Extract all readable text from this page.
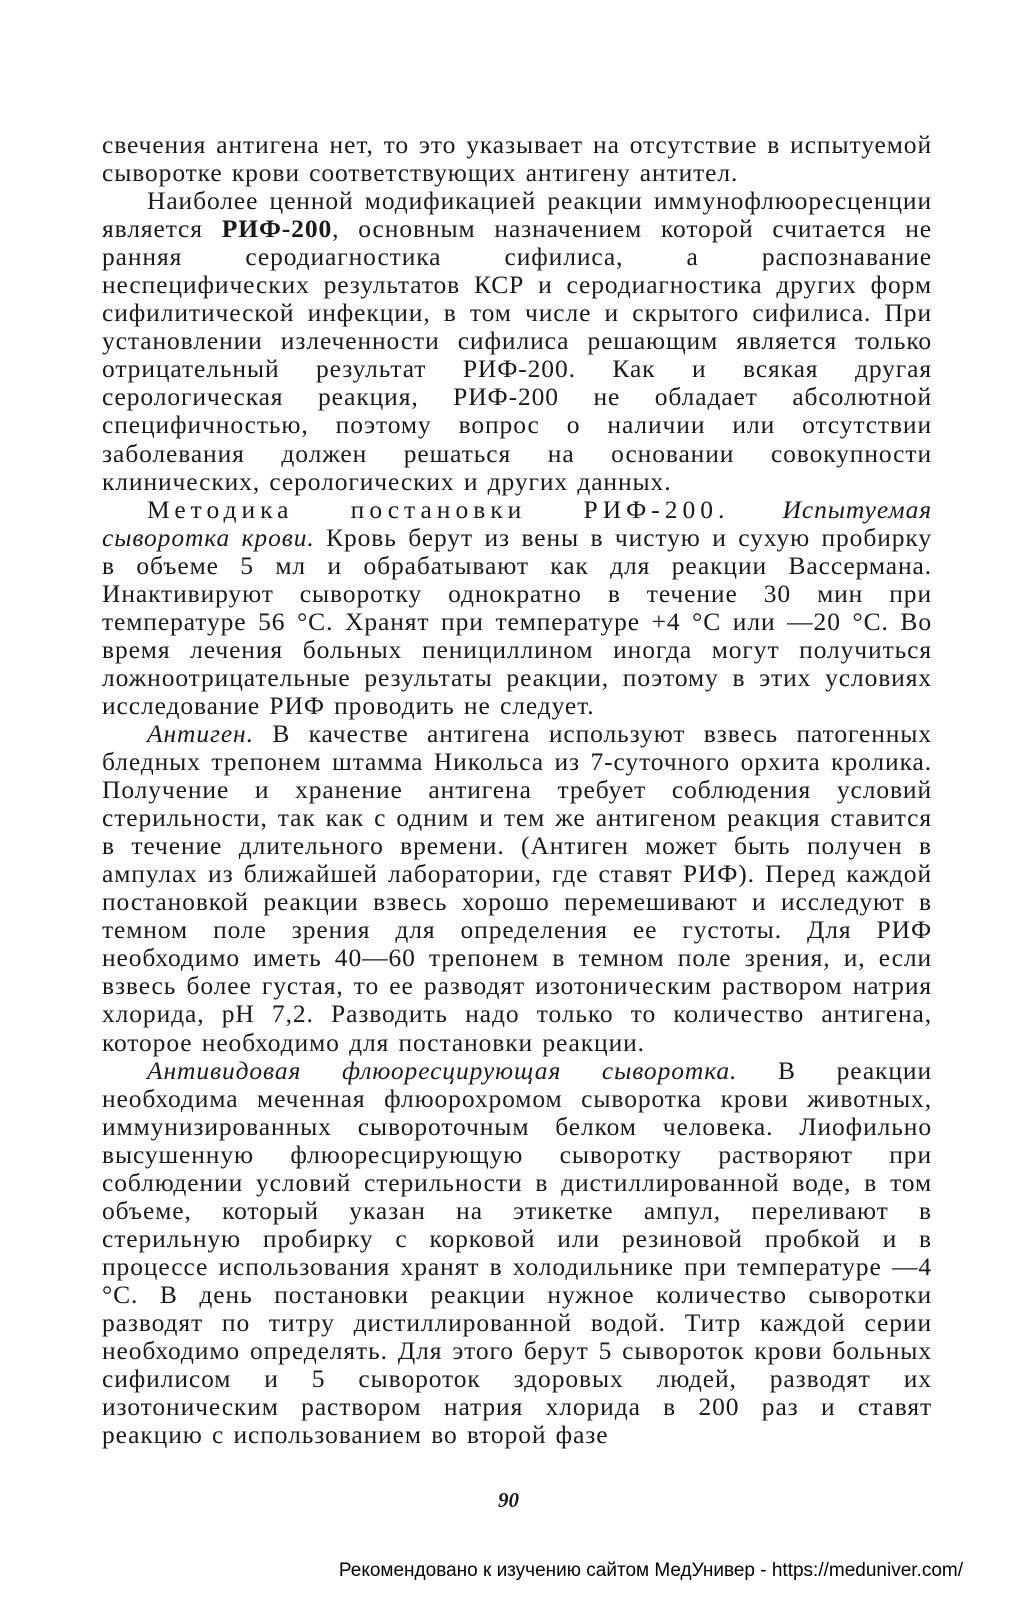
свечения антигена нет, то это указывает на отсутствие в испытуемой сыворотке крови соответствующих антигену антител.

Наиболее ценной модификацией реакции иммунофлюоресценции является РИФ-200, основным назначением которой считается не ранняя серодиагностика сифилиса, а распознавание неспецифических результатов КСР и серодиагностика других форм сифилитической инфекции, в том числе и скрытого сифилиса. При установлении излеченности сифилиса решающим является только отрицательный результат РИФ-200. Как и всякая другая серологическая реакция, РИФ-200 не обладает абсолютной специфичностью, поэтому вопрос о наличии или отсутствии заболевания должен решаться на основании совокупности клинических, серологических и других данных.

Методика постановки РИФ-200. Испытуемая сыворотка крови. Кровь берут из вены в чистую и сухую пробирку в объеме 5 мл и обрабатывают как для реакции Вассермана. Инактивируют сыворотку однократно в течение 30 мин при температуре 56 °С. Хранят при температуре +4 °С или —20 °С. Во время лечения больных пенициллином иногда могут получиться ложноотрицательные результаты реакции, поэтому в этих условиях исследование РИФ проводить не следует.

Антиген. В качестве антигена используют взвесь патогенных бледных трепонем штамма Никольса из 7-суточного орхита кролика. Получение и хранение антигена требует соблюдения условий стерильности, так как с одним и тем же антигеном реакция ставится в течение длительного времени. (Антиген может быть получен в ампулах из ближайшей лаборатории, где ставят РИФ). Перед каждой постановкой реакции взвесь хорошо перемешивают и исследуют в темном поле зрения для определения ее густоты. Для РИФ необходимо иметь 40—60 трепонем в темном поле зрения, и, если взвесь более густая, то ее разводят изотоническим раствором натрия хлорида, рН 7,2. Разводить надо только то количество антигена, которое необходимо для постановки реакции.

Антивидовая флюоресцирующая сыворотка. В реакции необходима меченная флюорохромом сыворотка крови животных, иммунизированных сывороточным белком человека. Лиофильно высушенную флюоресцирующую сыворотку растворяют при соблюдении условий стерильности в дистиллированной воде, в том объеме, который указан на этикетке ампул, переливают в стерильную пробирку с корковой или резиновой пробкой и в процессе использования хранят в холодильнике при температуре —4 °С. В день постановки реакции нужное количество сыворотки разводят по титру дистиллированной водой. Титр каждой серии необходимо определять. Для этого берут 5 сывороток крови больных сифилисом и 5 сывороток здоровых людей, разводят их изотоническим раствором натрия хлорида в 200 раз и ставят реакцию с использованием во второй фазе

90
Рекомендовано к изучению сайтом МедУнивер - https://meduniver.com/
